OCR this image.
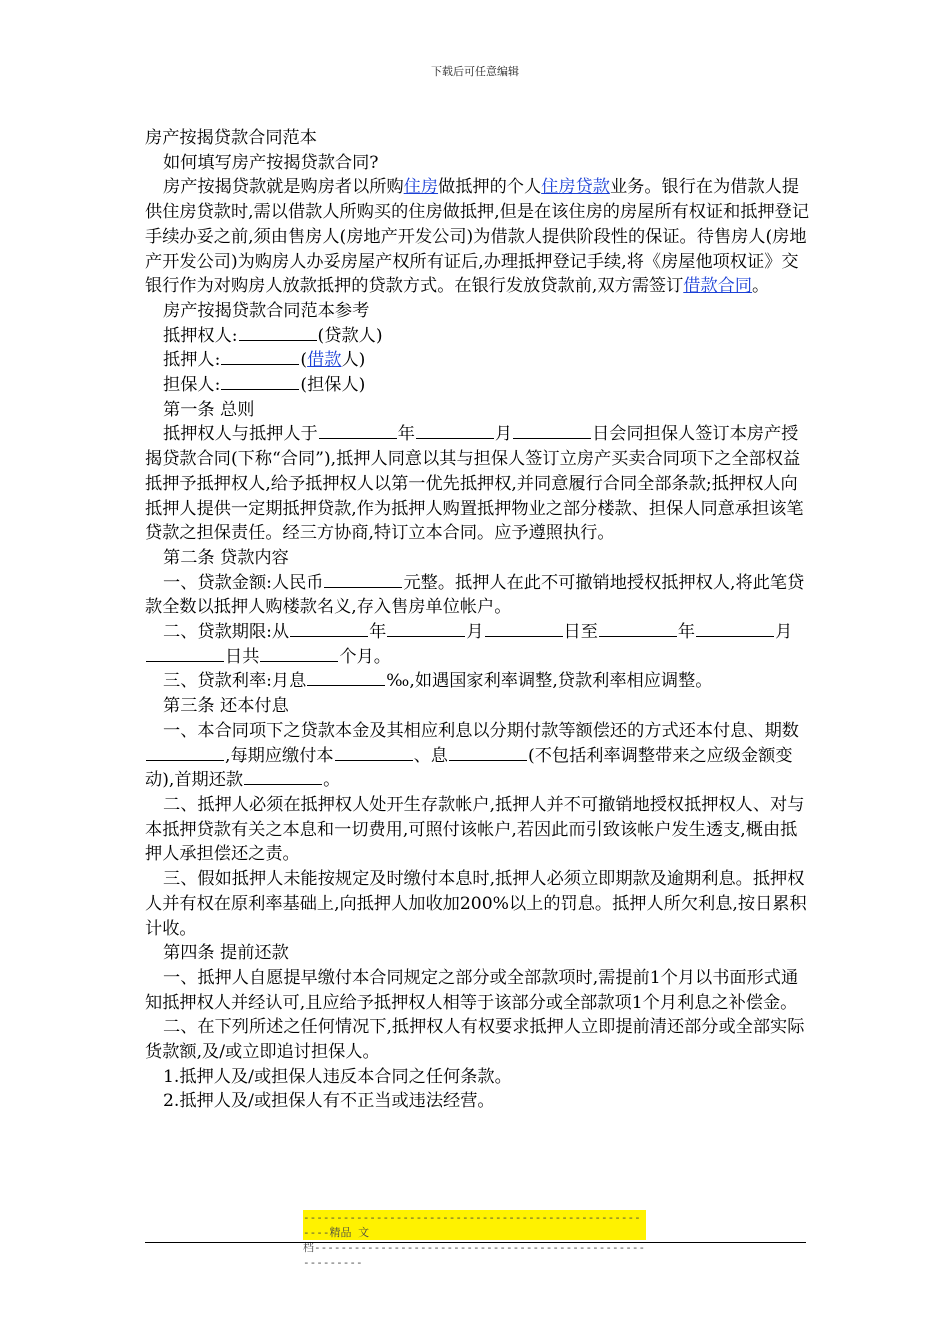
下载后可任意编辑

房产按揭贷款合同范本

如何填写房产按揭贷款合同?

房产按揭贷款就是购房者以所购住房做抵押的个人住房贷款业务。银行在为借款人提供住房贷款时,需以借款人所购买的住房做抵押,但是在该住房的房屋所有权证和抵押登记手续办妥之前,须由售房人(房地产开发公司)为借款人提供阶段性的保证。待售房人(房地产开发公司)为购房人办妥房屋产权所有证后,办理抵押登记手续,将《房屋他项权证》交银行作为对购房人放款抵押的贷款方式。在银行发放贷款前,双方需签订借款合同。

房产按揭贷款合同范本参考

抵押权人:	(贷款人)

抵押人:	(借款人)

担保人:	(担保人)

第一条 总则

抵押权人与抵押人于	年	月	日会同担保人签订本房产授揭贷款合同(下称“合同”),抵押人同意以其与担保人签订立房产买卖合同项下之全部权益抵押予抵押权人,给予抵押权人以第一优先抵押权,并同意履行合同全部条款;抵押权人向抵押人提供一定期抵押贷款,作为抵押人购置抵押物业之部分楼款、担保人同意承担该笔贷款之担保责任。经三方协商,特订立本合同。应予遵照执行。

第二条 贷款内容

一、贷款金额:人民币	元整。抵押人在此不可撤销地授权抵押权人,将此笔贷款全数以抵押人购楼款名义,存入售房单位帐户。

二、贷款期限:从	年	月	日至	年	月日共	个月。

三、贷款利率:月息	‰,如遇国家利率调整,贷款利率相应调整。

第三条 还本付息

一、本合同项下之贷款本金及其相应利息以分期付款等额偿还的方式还本付息、期数,每期应缴付本	、息	(不包括利率调整带来之应级金额变动),首期还款	。

二、抵押人必须在抵押权人处开生存款帐户,抵押人并不可撤销地授权抵押权人、对与本抵押贷款有关之本息和一切费用,可照付该帐户,若因此而引致该帐户发生透支,概由抵押人承担偿还之责。

三、假如抵押人未能按规定及时缴付本息时,抵押人必须立即期款及逾期利息。抵押权人并有权在原利率基础上,向抵押人加收加200%以上的罚息。抵押人所欠利息,按日累积计收。

第四条 提前还款

一、抵押人自愿提早缴付本合同规定之部分或全部款项时,需提前1个月以书面形式通知抵押权人并经认可,且应给予抵押权人相等于该部分或全部款项1个月利息之补偿金。

二、在下列所述之任何情况下,抵押权人有权要求抵押人立即提前清还部分或全部实际货款额,及/或立即追讨担保人。

1.抵押人及/或担保人违反本合同之任何条款。

2.抵押人及/或担保人有不正当或违法经营。

-------------------------------------------------------精品 文
档-----------------------------------------------------------
